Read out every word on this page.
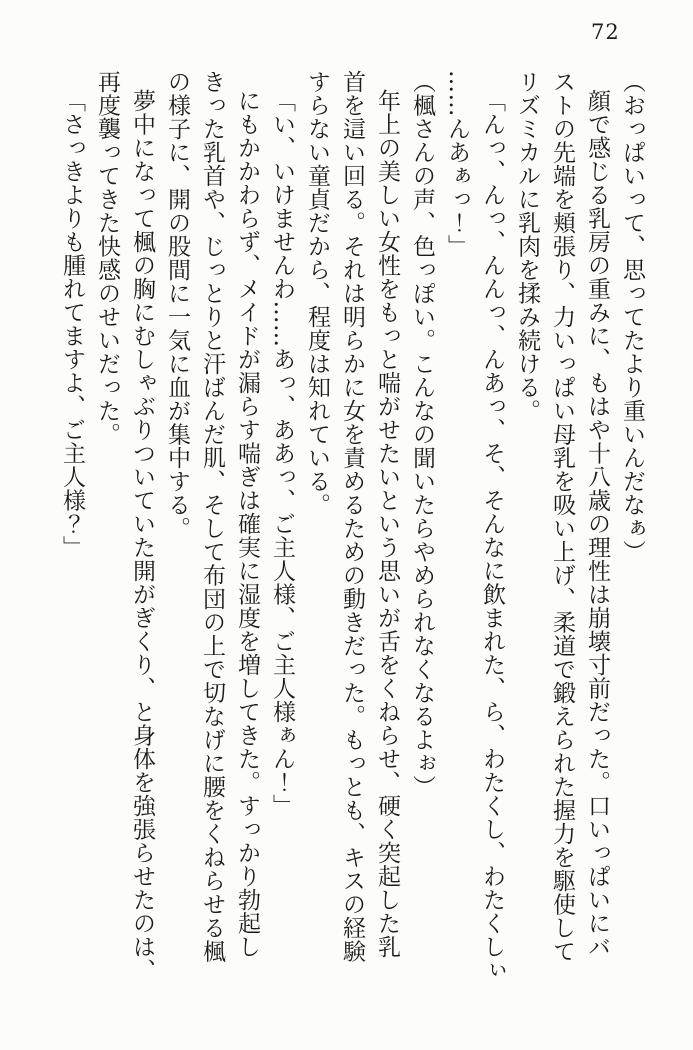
72
（おっぱいって、思ってたより重いんだなぁ）
顔で感じる乳房の重みに、もはや十八歳の理性は崩壊寸前だった。口いっぱいにバ
ストの先端を頬張り、力いっぱい母乳を吸い上げ、柔道で鍛えられた握力を駆使して
リズミカルに乳肉を揉み続ける。
「んっ、んっ、んんっ、んあっ、そ、そんなに飲まれた、ら、わたくし、わたくしぃ
……んあぁっ！」
（楓さんの声、色っぽい。こんなの聞いたらやめられなくなるよぉ）
年上の美しい女性をもっと喘がせたいという思いが舌をくねらせ、硬く突起した乳
首を這い回る。それは明らかに女を責めるための動きだった。もっとも、キスの経験
すらない童貞だから、程度は知れている。
「い、いけませんわ……あっ、ああっ、ご主人様、ご主人様ぁん！」
にもかかわらず、メイドが漏らす喘ぎは確実に湿度を増してきた。すっかり勃起し
きった乳首や、じっとりと汗ばんだ肌、そして布団の上で切なげに腰をくねらせる楓
の様子に、開の股間に一気に血が集中する。
夢中になって楓の胸にむしゃぶりついていた開がぎくり、と身体を強張らせたのは、
再度襲ってきた快感のせいだった。
「さっきよりも腫れてますよ、ご主人様？」
